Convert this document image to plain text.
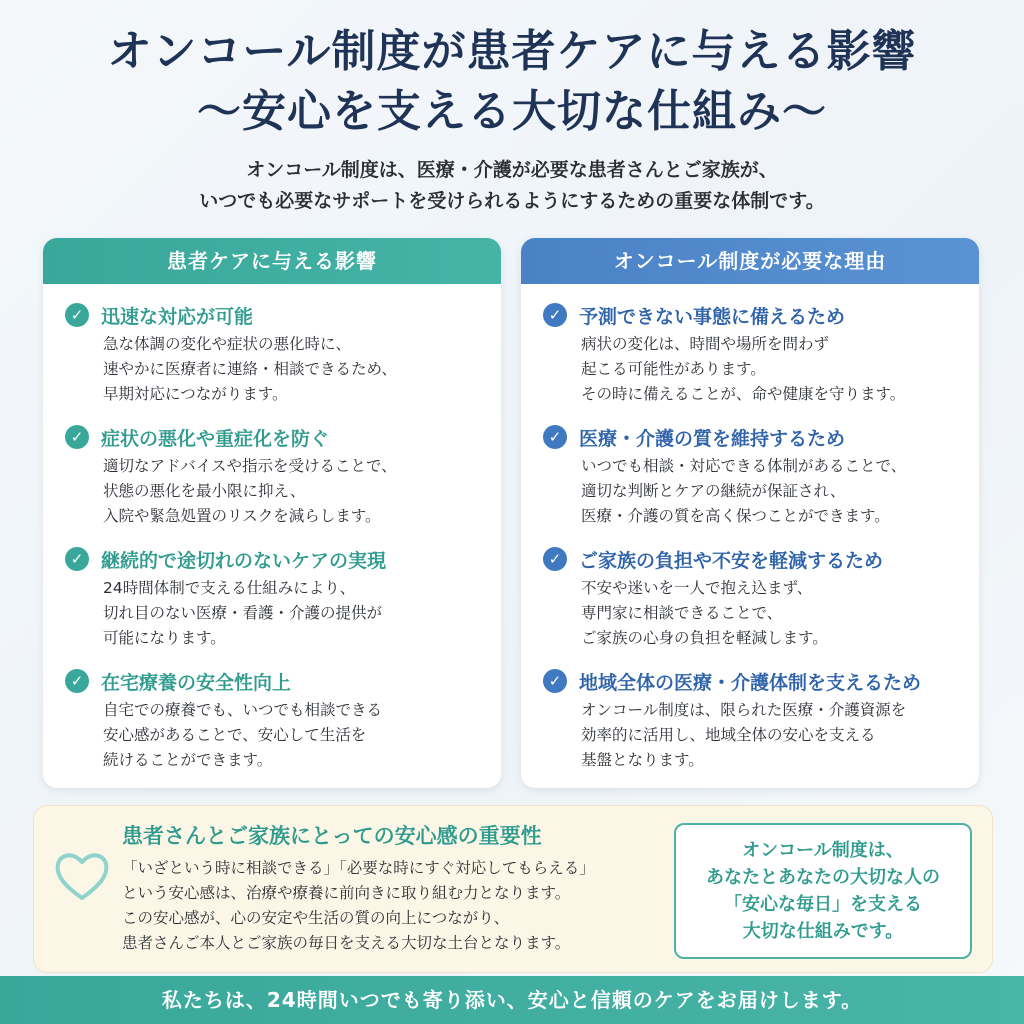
オンコール制度が患者ケアに与える影響
〜安心を支える大切な仕組み〜
オンコール制度は、医療・介護が必要な患者さんとご家族が、
いつでも必要なサポートを受けられるようにするための重要な体制です。
患者ケアに与える影響
✓ 迅速な対応が可能
急な体調の変化や症状の悪化時に、
速やかに医療者に連絡・相談できるため、
早期対応につながります。
✓ 症状の悪化や重症化を防ぐ
適切なアドバイスや指示を受けることで、
状態の悪化を最小限に抑え、
入院や緊急処置のリスクを減らします。
✓ 継続的で途切れのないケアの実現
24時間体制で支える仕組みにより、
切れ目のない医療・看護・介護の提供が
可能になります。
✓ 在宅療養の安全性向上
自宅での療養でも、いつでも相談できる
安心感があることで、安心して生活を
続けることができます。
オンコール制度が必要な理由
✓ 予測できない事態に備えるため
病状の変化は、時間や場所を問わず
起こる可能性があります。
その時に備えることが、命や健康を守ります。
✓ 医療・介護の質を維持するため
いつでも相談・対応できる体制があることで、
適切な判断とケアの継続が保証され、
医療・介護の質を高く保つことができます。
✓ ご家族の負担や不安を軽減するため
不安や迷いを一人で抱え込まず、
専門家に相談できることで、
ご家族の心身の負担を軽減します。
✓ 地域全体の医療・介護体制を支えるため
オンコール制度は、限られた医療・介護資源を
効率的に活用し、地域全体の安心を支える
基盤となります。
患者さんとご家族にとっての安心感の重要性
「いざという時に相談できる」「必要な時にすぐ対応してもらえる」
という安心感は、治療や療養に前向きに取り組む力となります。
この安心感が、心の安定や生活の質の向上につながり、
患者さんご本人とご家族の毎日を支える大切な土台となります。
オンコール制度は、
あなたとあなたの大切な人の
「安心な毎日」を支える
大切な仕組みです。
私たちは、24時間いつでも寄り添い、安心と信頼のケアをお届けします。
